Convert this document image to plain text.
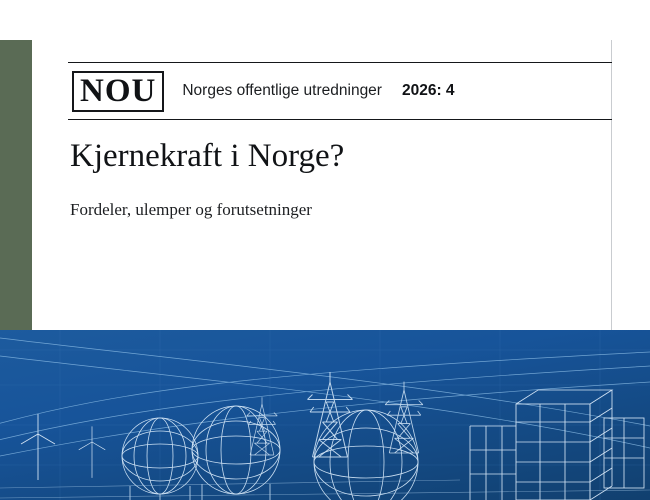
NOU	Norges offentlige utredninger 2026: 4
Kjernekraft i Norge?
Fordeler, ulemper og forutsetninger
